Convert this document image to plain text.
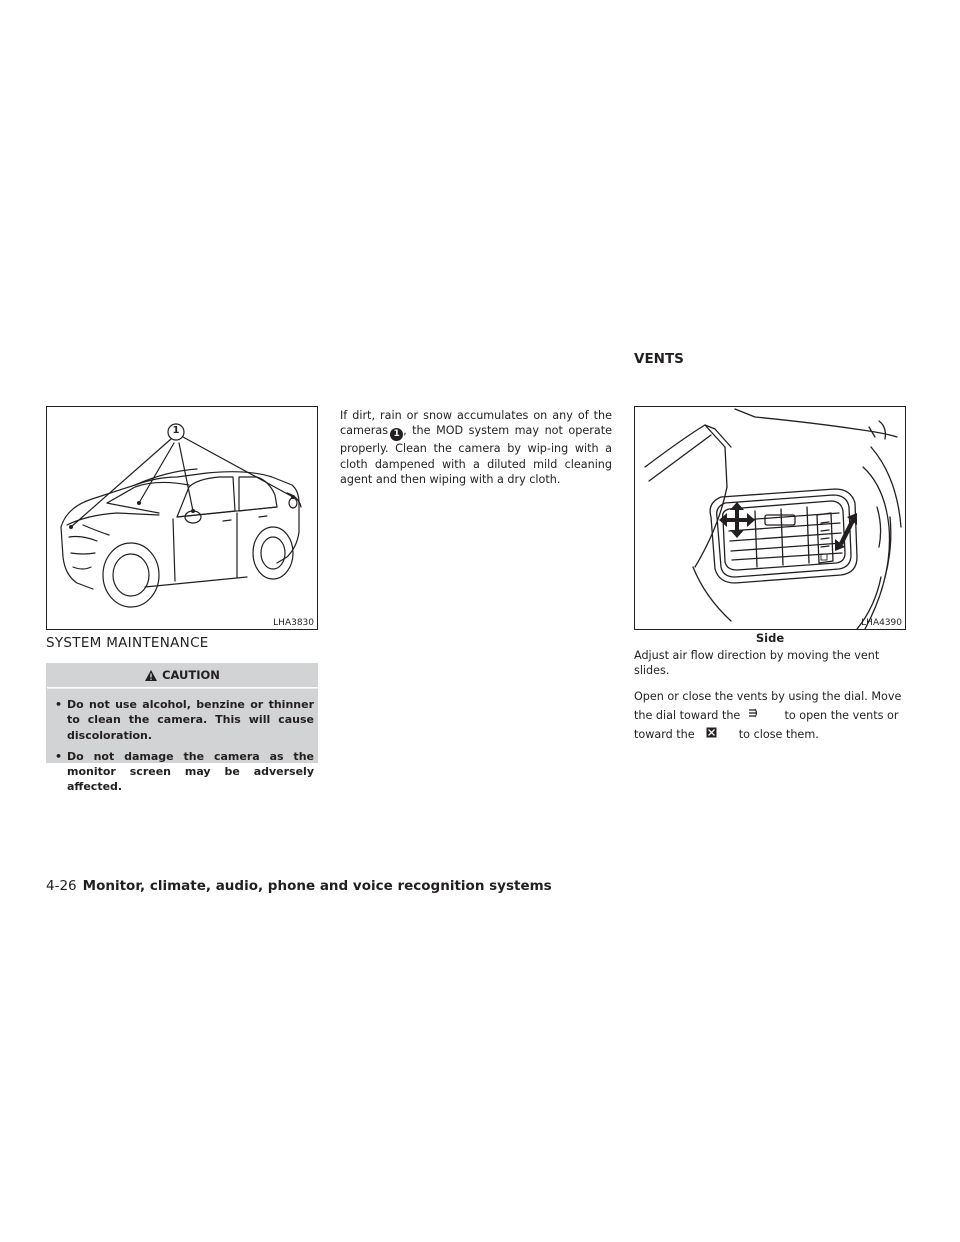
VENTS
1
LHA3830
SYSTEM MAINTENANCE
CAUTION
• Do not use alcohol, benzine or thinner to clean the camera. This will cause discoloration.
• Do not damage the camera as the monitor screen may be adversely affected.

If dirt, rain or snow accumulates on any of the cameras 1 , the MOD system may not operate properly. Clean the camera by wip-ing with a cloth dampened with a diluted mild cleaning agent and then wiping with a dry cloth.

LHA4390
Side

Adjust air flow direction by moving the vent slides.

Open or close the vents by using the dial. Move the dial toward the	to open the vents or toward the	to close them.

4-26 Monitor, climate, audio, phone and voice recognition systems
carmanualsonline.info
